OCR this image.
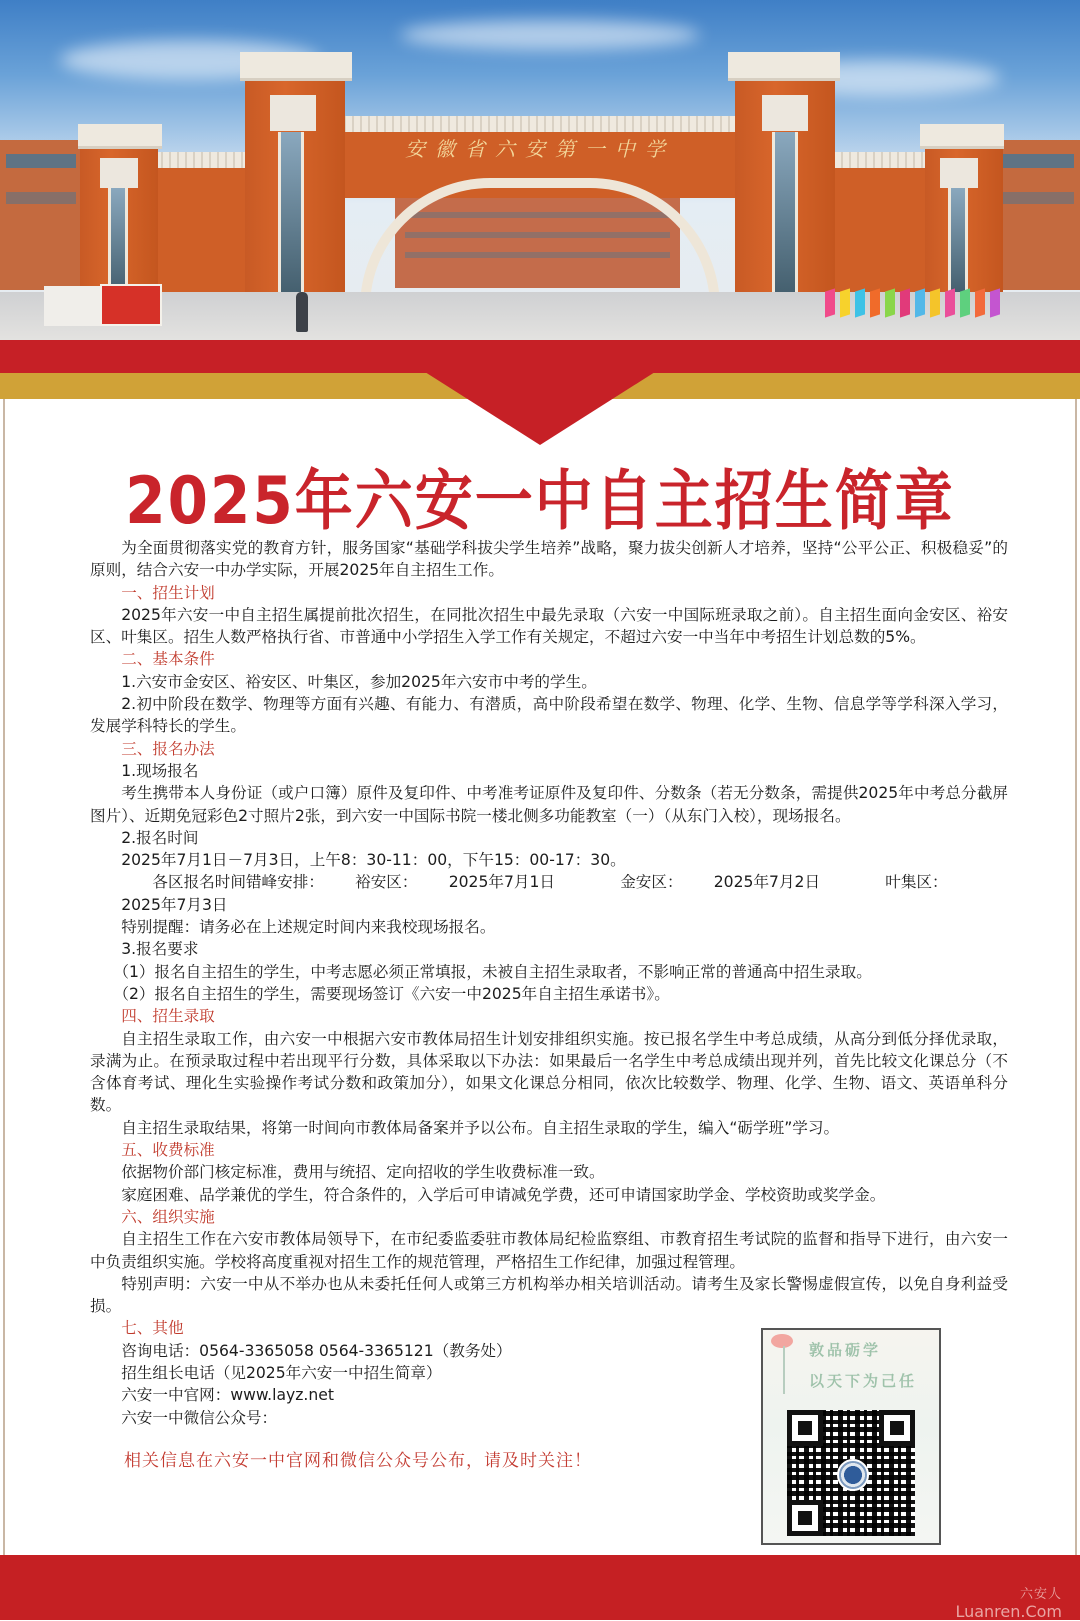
安徽省六安第一中学
2025年六安一中自主招生简章

为全面贯彻落实党的教育方针，服务国家“基础学科拔尖学生培养”战略，聚力拔尖创新人才培养，坚持“公平公正、积极稳妥”的原则，结合六安一中办学实际，开展2025年自主招生工作。

一、招生计划

2025年六安一中自主招生属提前批次招生，在同批次招生中最先录取（六安一中国际班录取之前）。自主招生面向金安区、裕安区、叶集区。招生人数严格执行省、市普通中小学招生入学工作有关规定，不超过六安一中当年中考招生计划总数的5%。

二、基本条件

1.六安市金安区、裕安区、叶集区，参加2025年六安市中考的学生。

2.初中阶段在数学、物理等方面有兴趣、有能力、有潜质，高中阶段希望在数学、物理、化学、生物、信息学等学科深入学习，发展学科特长的学生。

三、报名办法

1.现场报名

考生携带本人身份证（或户口簿）原件及复印件、中考准考证原件及复印件、分数条（若无分数条，需提供2025年中考总分截屏图片）、近期免冠彩色2寸照片2张，到六安一中国际书院一楼北侧多功能教室（一）（从东门入校），现场报名。

2.报名时间

2025年7月1日－7月3日，上午8：30-11：00，下午15：00-17：30。

各区报名时间错峰安排： 裕安区： 2025年7月1日	金安区： 2025年7月2日	叶集区：2025年7月3日

特别提醒：请务必在上述规定时间内来我校现场报名。

3.报名要求

（1）报名自主招生的学生，中考志愿必须正常填报，未被自主招生录取者，不影响正常的普通高中招生录取。

（2）报名自主招生的学生，需要现场签订《六安一中2025年自主招生承诺书》。

四、招生录取

自主招生录取工作，由六安一中根据六安市教体局招生计划安排组织实施。按已报名学生中考总成绩，从高分到低分择优录取，录满为止。在预录取过程中若出现平行分数，具体采取以下办法：如果最后一名学生中考总成绩出现并列，首先比较文化课总分（不含体育考试、理化生实验操作考试分数和政策加分），如果文化课总分相同，依次比较数学、物理、化学、生物、语文、英语单科分数。

自主招生录取结果，将第一时间向市教体局备案并予以公布。自主招生录取的学生，编入“砺学班”学习。

五、收费标准

依据物价部门核定标准，费用与统招、定向招收的学生收费标准一致。

家庭困难、品学兼优的学生，符合条件的，入学后可申请减免学费，还可申请国家助学金、学校资助或奖学金。

六、组织实施

自主招生工作在六安市教体局领导下，在市纪委监委驻市教体局纪检监察组、市教育招生考试院的监督和指导下进行，由六安一中负责组织实施。学校将高度重视对招生工作的规范管理，严格招生工作纪律，加强过程管理。

特别声明：六安一中从不举办也从未委托任何人或第三方机构举办相关培训活动。请考生及家长警惕虚假宣传，以免自身利益受损。

七、其他

咨询电话：0564-3365058 0564-3365121（教务处）

招生组长电话（见2025年六安一中招生简章）

六安一中官网：www.layz.net

六安一中微信公众号：

相关信息在六安一中官网和微信公众号公布，请及时关注！

敦品砺学
以天下为己任
六安人
Luanren.Com
